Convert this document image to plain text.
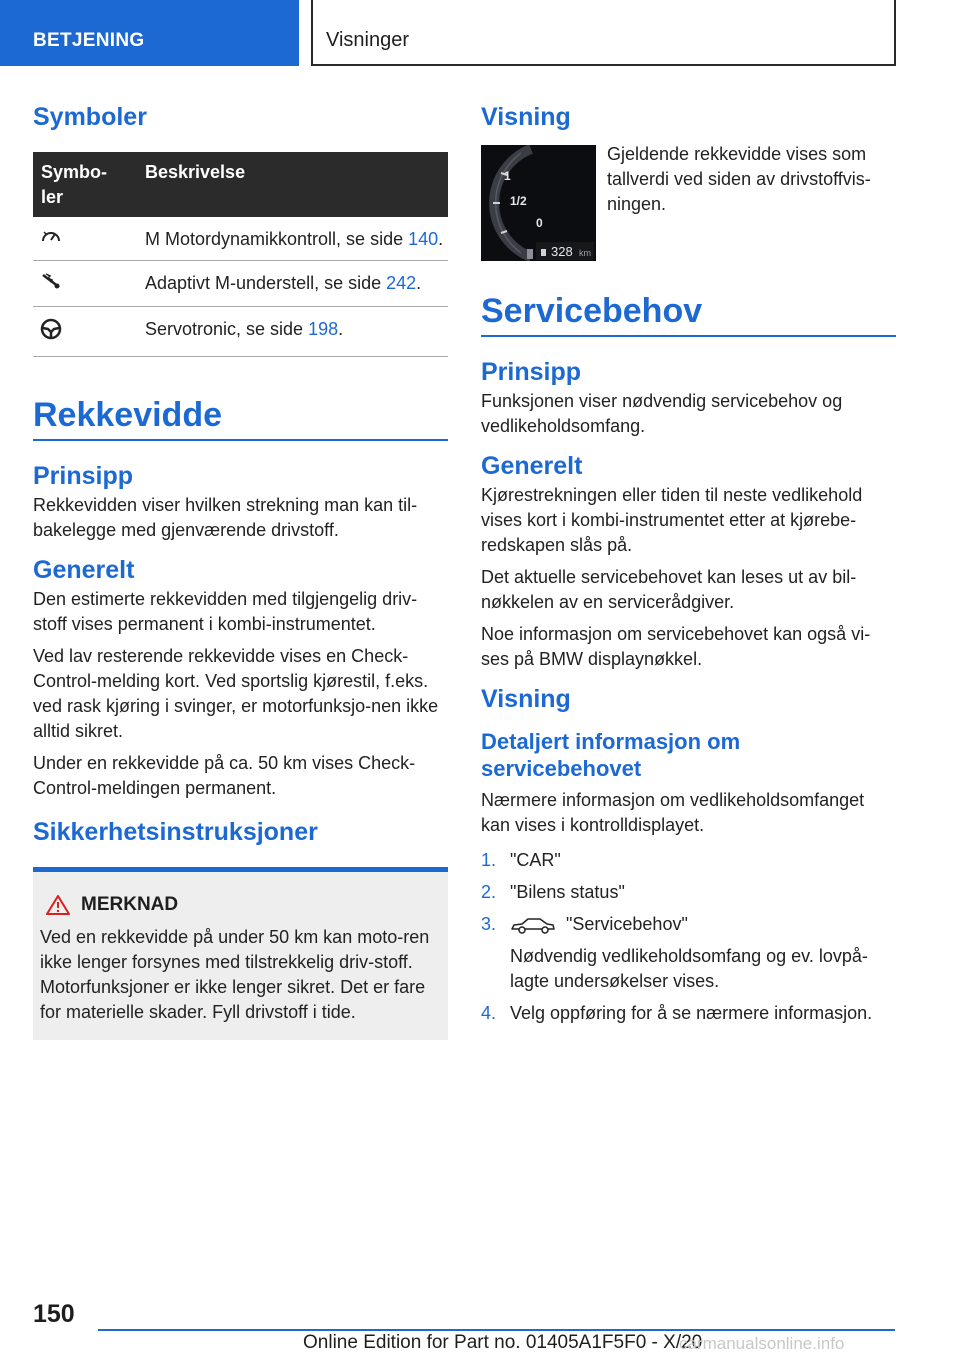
BETJENING	Visninger
Symboler
Symbo-ler	Beskrivelse
	M Motordynamikkontroll, se side 140.
	Adaptivt M-understell, se side 242.
	Servotronic, se side 198.
Rekkevidde
Prinsipp

Rekkevidden viser hvilken strekning man kan til-bakelegge med gjenværende drivstoff.

Generelt

Den estimerte rekkevidden med tilgjengelig driv-stoff vises permanent i kombi-instrumentet.

Ved lav resterende rekkevidde vises en Check-Control-melding kort. Ved sportslig kjørestil, f.eks. ved rask kjøring i svinger, er motorfunksjo-nen ikke alltid sikret.

Under en rekkevidde på ca. 50 km vises Check-Control-meldingen permanent.

Sikkerhetsinstruksjoner
MERKNAD

Ved en rekkevidde på under 50 km kan moto-ren ikke lenger forsynes med tilstrekkelig driv-stoff. Motorfunksjoner er ikke lenger sikret. Det er fare for materielle skader. Fyll drivstoff i tide.

Visning
1
1/2
0
328 km
Gjeldende rekkevidde vises som tallverdi ved siden av drivstoffvis-ningen.
Servicebehov
Prinsipp

Funksjonen viser nødvendig servicebehov og vedlikeholdsomfang.

Generelt

Kjørestrekningen eller tiden til neste vedlikehold vises kort i kombi-instrumentet etter at kjørebe-redskapen slås på.

Det aktuelle servicebehovet kan leses ut av bil-nøkkelen av en servicerådgiver.

Noe informasjon om servicebehovet kan også vi-ses på BMW displaynøkkel.

Visning
Detaljert informasjon om servicebehovet

Nærmere informasjon om vedlikeholdsomfanget kan vises i kontrolldisplayet.

1. "CAR"
2. "Bilens status"
3.	"Servicebehov"
Nødvendig vedlikeholdsomfang og ev. lovpå-lagte undersøkelser vises.
4. Velg oppføring for å se nærmere informasjon.
150
Online Edition for Part no. 01405A1F5F0 - X/20
carmanualsonline.info
